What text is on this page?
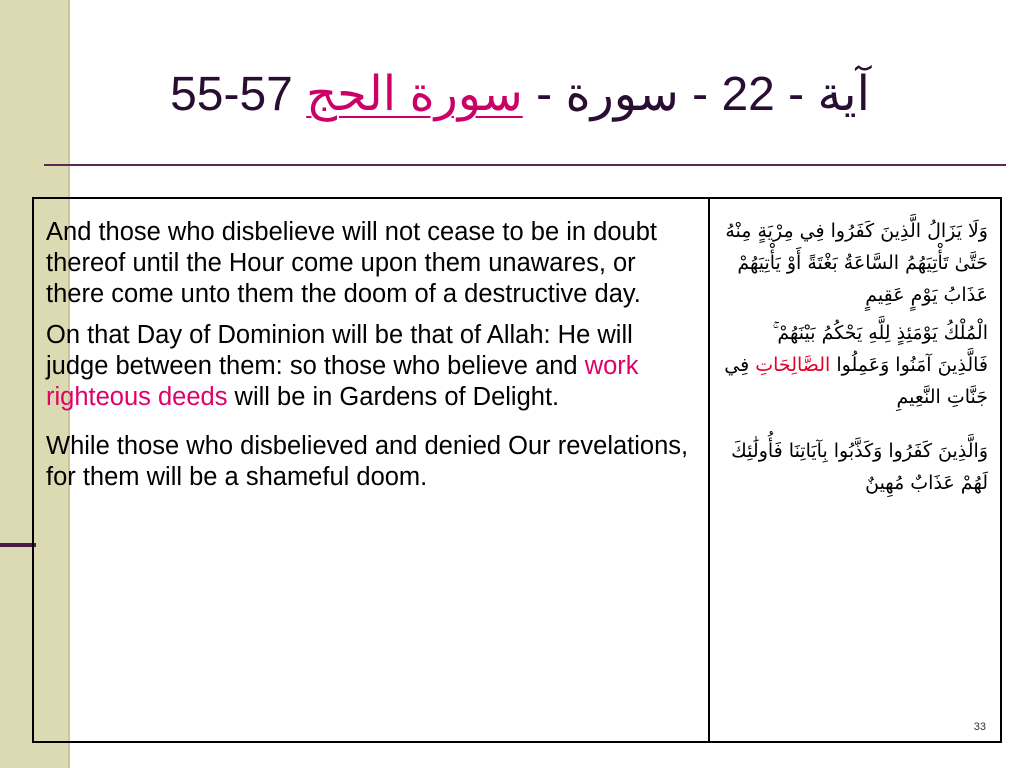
55-57 آية - 22 - سورة - سورة الحج

And those who disbelieve will not cease to be in doubt thereof until the Hour come upon them unawares, or there come unto them the doom of a destructive day.

On that Day of Dominion will be that of Allah: He will judge between them: so those who believe and work righteous deeds will be in Gardens of Delight.

While those who disbelieved and denied Our revelations, for them will be a shameful doom.

وَلَا يَزَالُ الَّذِينَ كَفَرُوا فِي مِرْيَةٍ مِنْهُ حَتَّىٰ تَأْتِيَهُمُ السَّاعَةُ بَغْتَةً أَوْ يَأْتِيَهُمْ عَذَابُ يَوْمٍ عَقِيمٍ

الْمُلْكُ يَوْمَئِذٍ لِلَّهِ يَحْكُمُ بَيْنَهُمْ ۚ فَالَّذِينَ آمَنُوا وَعَمِلُوا الصَّالِحَاتِ فِي جَنَّاتِ النَّعِيمِ

وَالَّذِينَ كَفَرُوا وَكَذَّبُوا بِآيَاتِنَا فَأُولَٰئِكَ لَهُمْ عَذَابٌ مُهِينٌ

33
